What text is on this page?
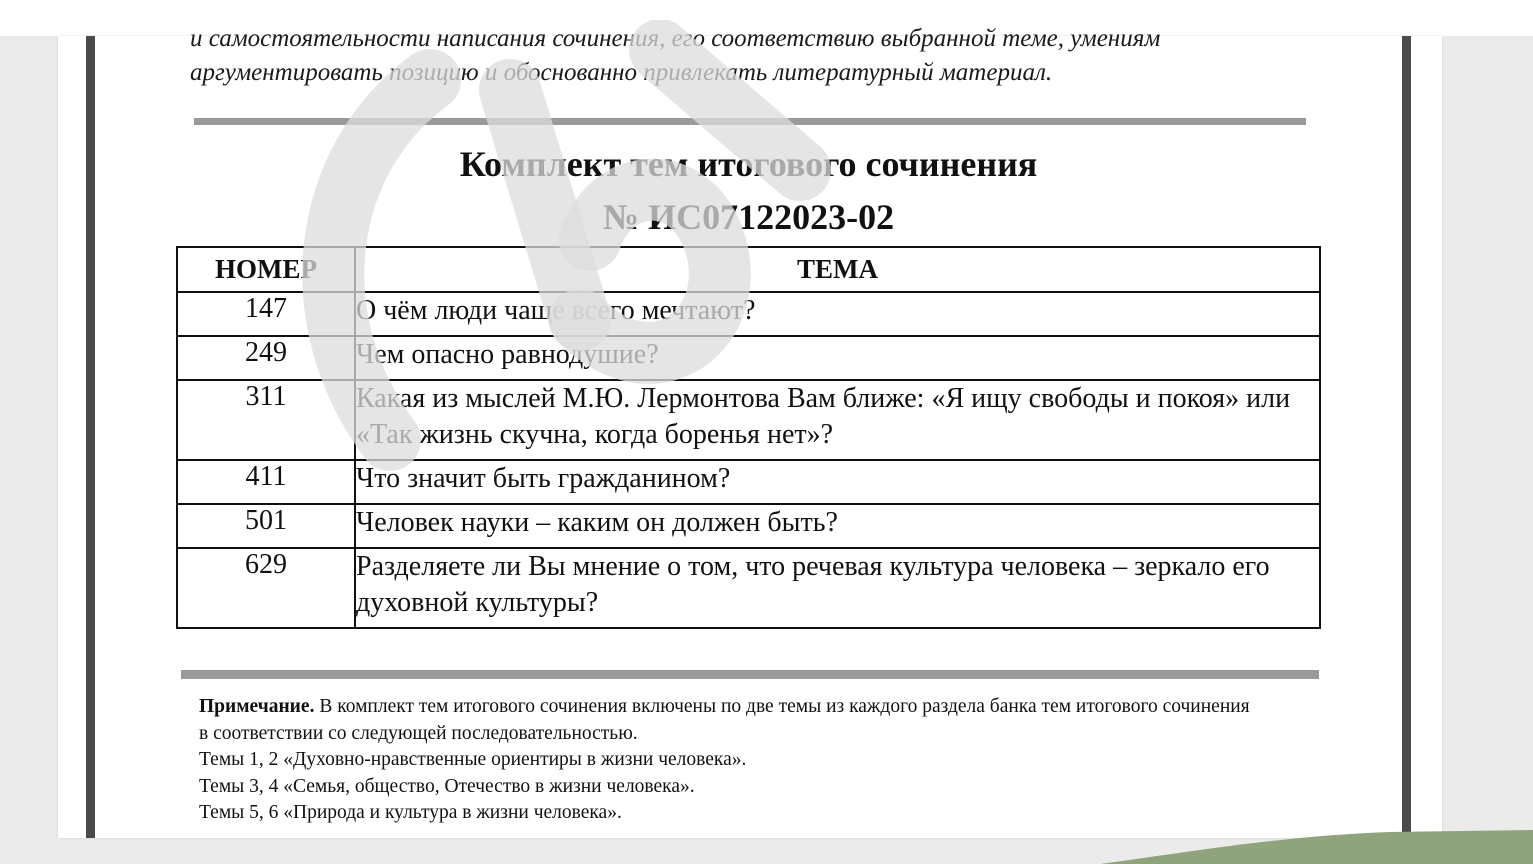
и самостоятельности написания сочинения, его соответствию выбранной теме, умениям
аргументировать позицию и обоснованно привлекать литературный материал.
Комплект тем итогового сочинения
№ ИС07122023-02
НОМЕР	ТЕМА
147	О чём люди чаще всего мечтают?
249	Чем опасно равнодушие?
311	Какая из мыслей М.Ю. Лермонтова Вам ближе: «Я ищу свободы и покоя» или «Так жизнь скучна, когда боренья нет»?
411	Что значит быть гражданином?
501	Человек науки – каким он должен быть?
629	Разделяете ли Вы мнение о том, что речевая культура человека – зеркало его духовной культуры?
Примечание. В комплект тем итогового сочинения включены по две темы из каждого раздела банка тем итогового сочинения
в соответствии со следующей последовательностью.
Темы 1, 2 «Духовно-нравственные ориентиры в жизни человека».
Темы 3, 4 «Семья, общество, Отечество в жизни человека».
Темы 5, 6 «Природа и культура в жизни человека».
